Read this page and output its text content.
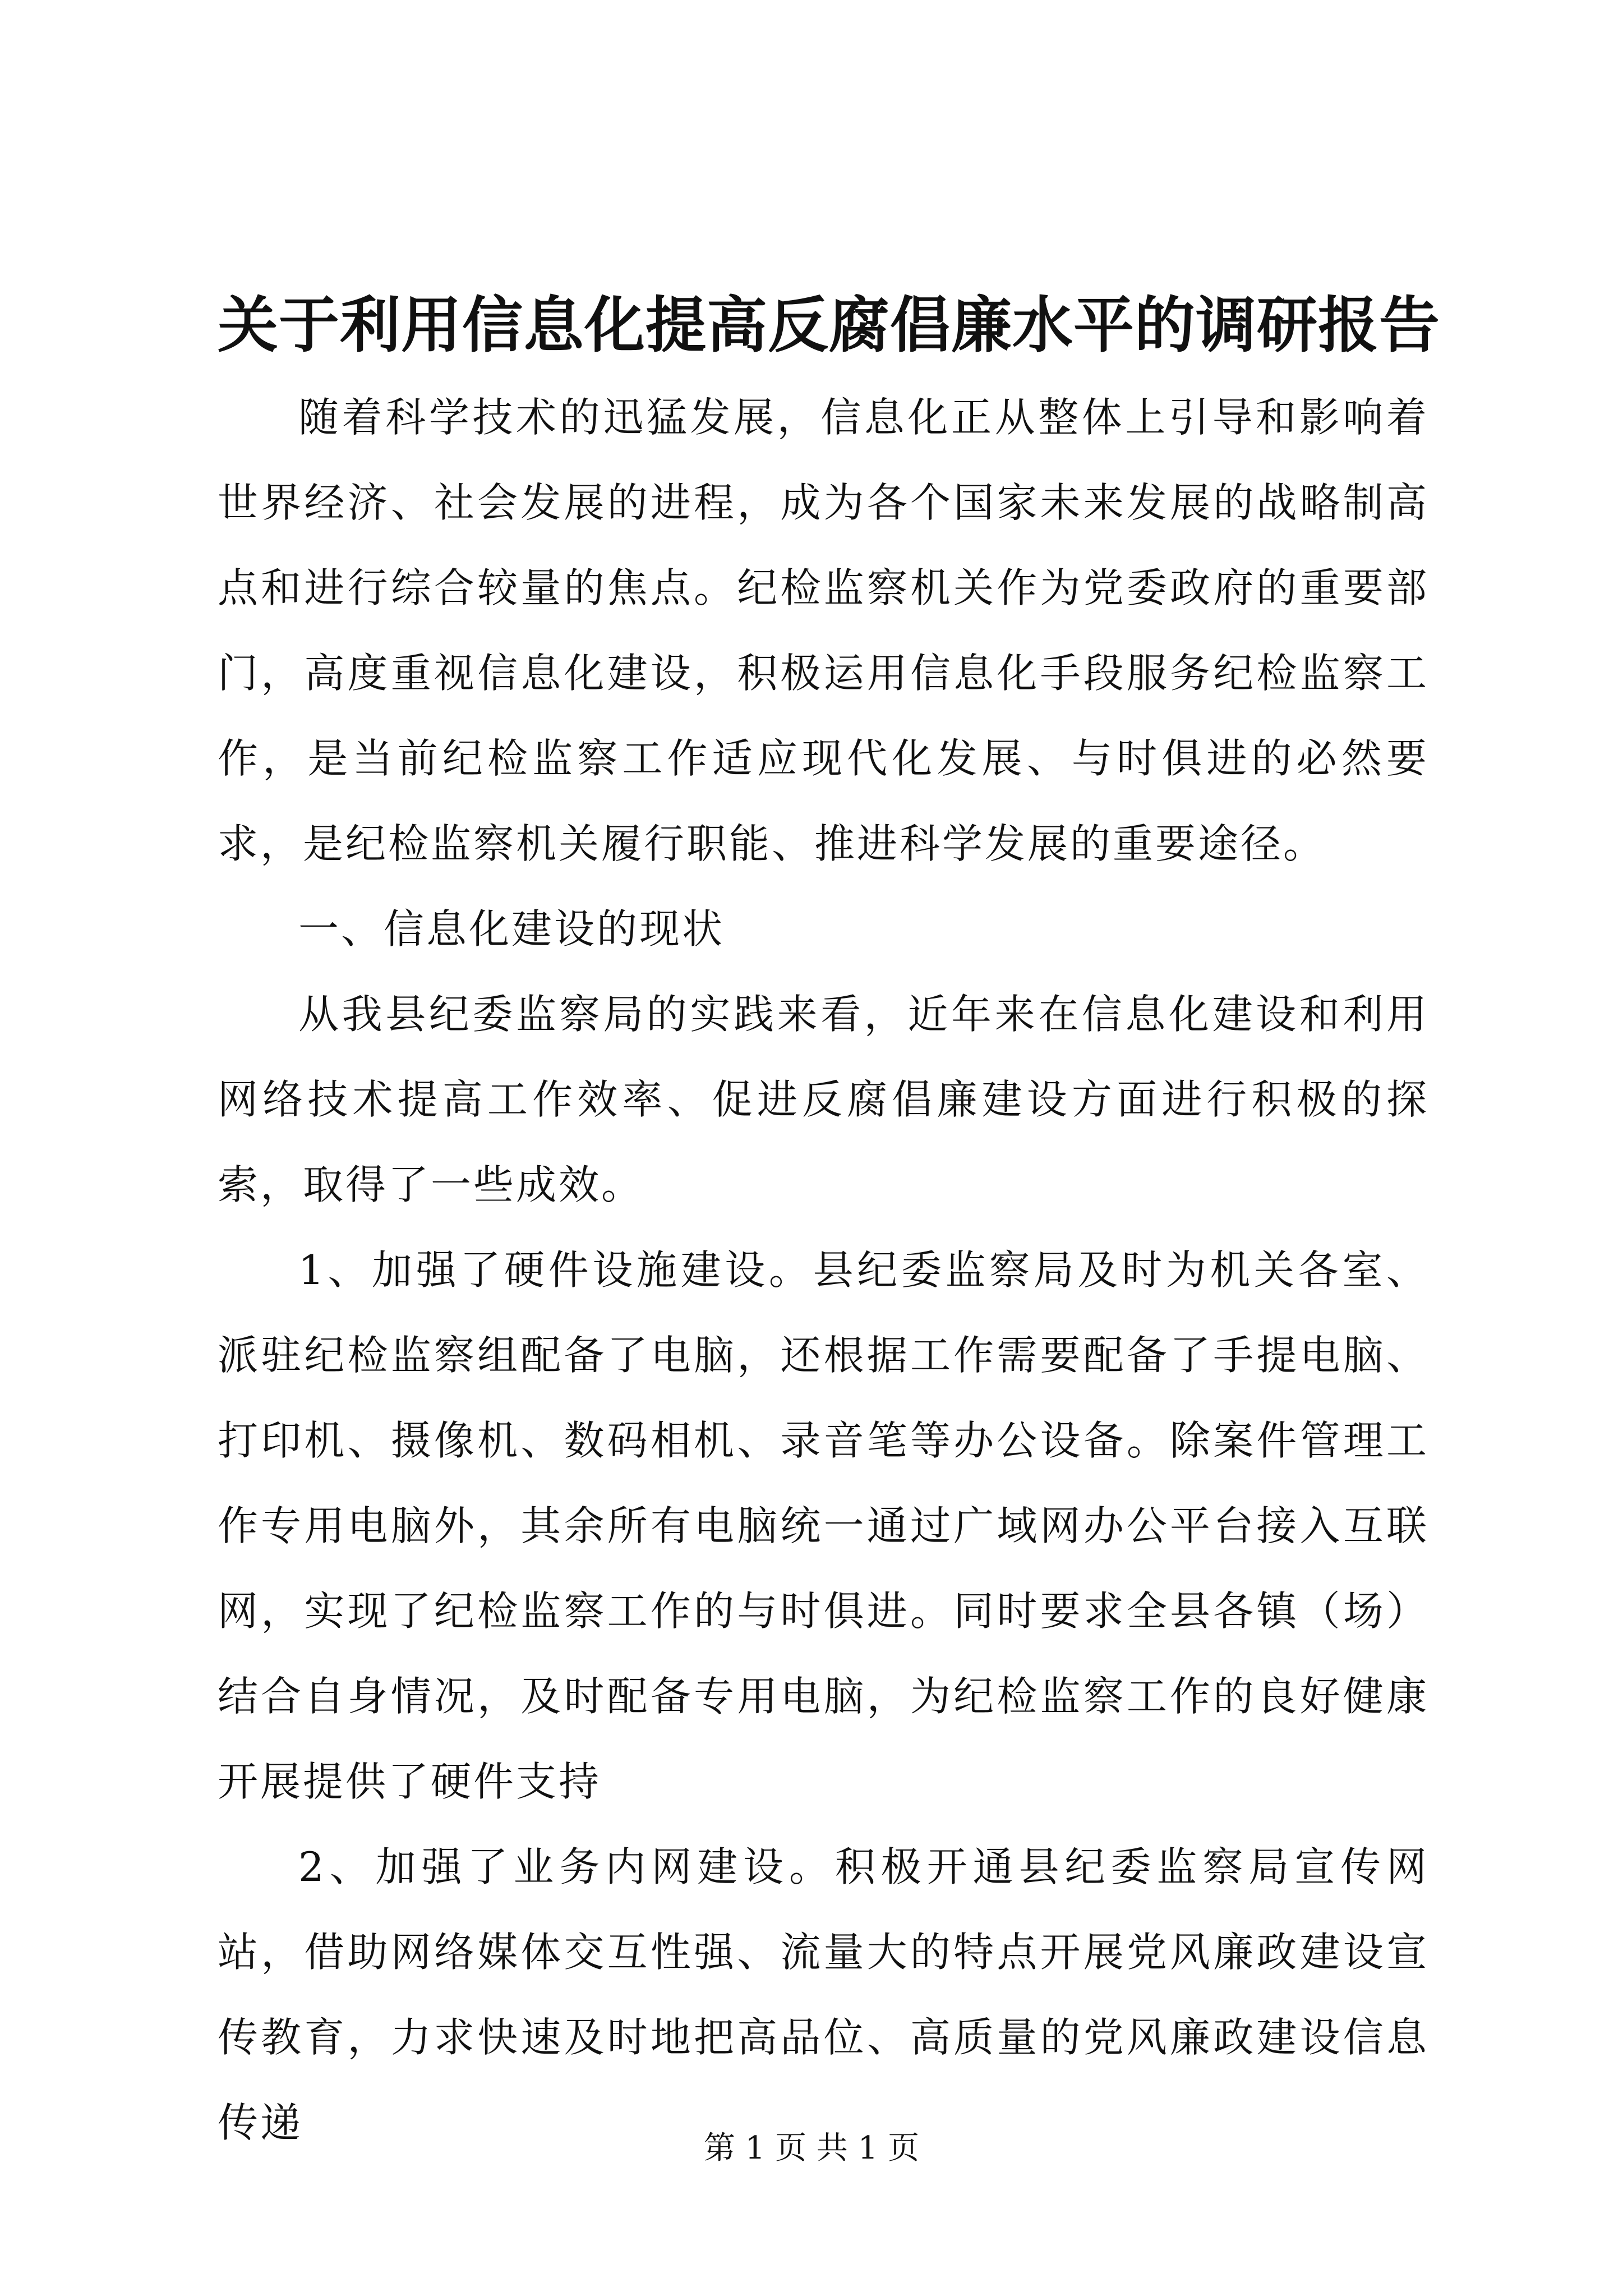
关于利用信息化提高反腐倡廉水平的调研报告

随着科学技术的迅猛发展，信息化正从整体上引导和影响着世界经济、社会发展的进程，成为各个国家未来发展的战略制高点和进行综合较量的焦点。纪检监察机关作为党委政府的重要部门，高度重视信息化建设，积极运用信息化手段服务纪检监察工作，是当前纪检监察工作适应现代化发展、与时俱进的必然要求，是纪检监察机关履行职能、推进科学发展的重要途径。

一、信息化建设的现状

从我县纪委监察局的实践来看，近年来在信息化建设和利用网络技术提高工作效率、促进反腐倡廉建设方面进行积极的探索，取得了一些成效。

1、加强了硬件设施建设。县纪委监察局及时为机关各室、派驻纪检监察组配备了电脑，还根据工作需要配备了手提电脑、打印机、摄像机、数码相机、录音笔等办公设备。除案件管理工作专用电脑外，其余所有电脑统一通过广域网办公平台接入互联网，实现了纪检监察工作的与时俱进。同时要求全县各镇（场）结合自身情况，及时配备专用电脑，为纪检监察工作的良好健康开展提供了硬件支持

2、加强了业务内网建设。积极开通县纪委监察局宣传网站，借助网络媒体交互性强、流量大的特点开展党风廉政建设宣传教育，力求快速及时地把高品位、高质量的党风廉政建设信息传递

第 1 页 共 1 页
